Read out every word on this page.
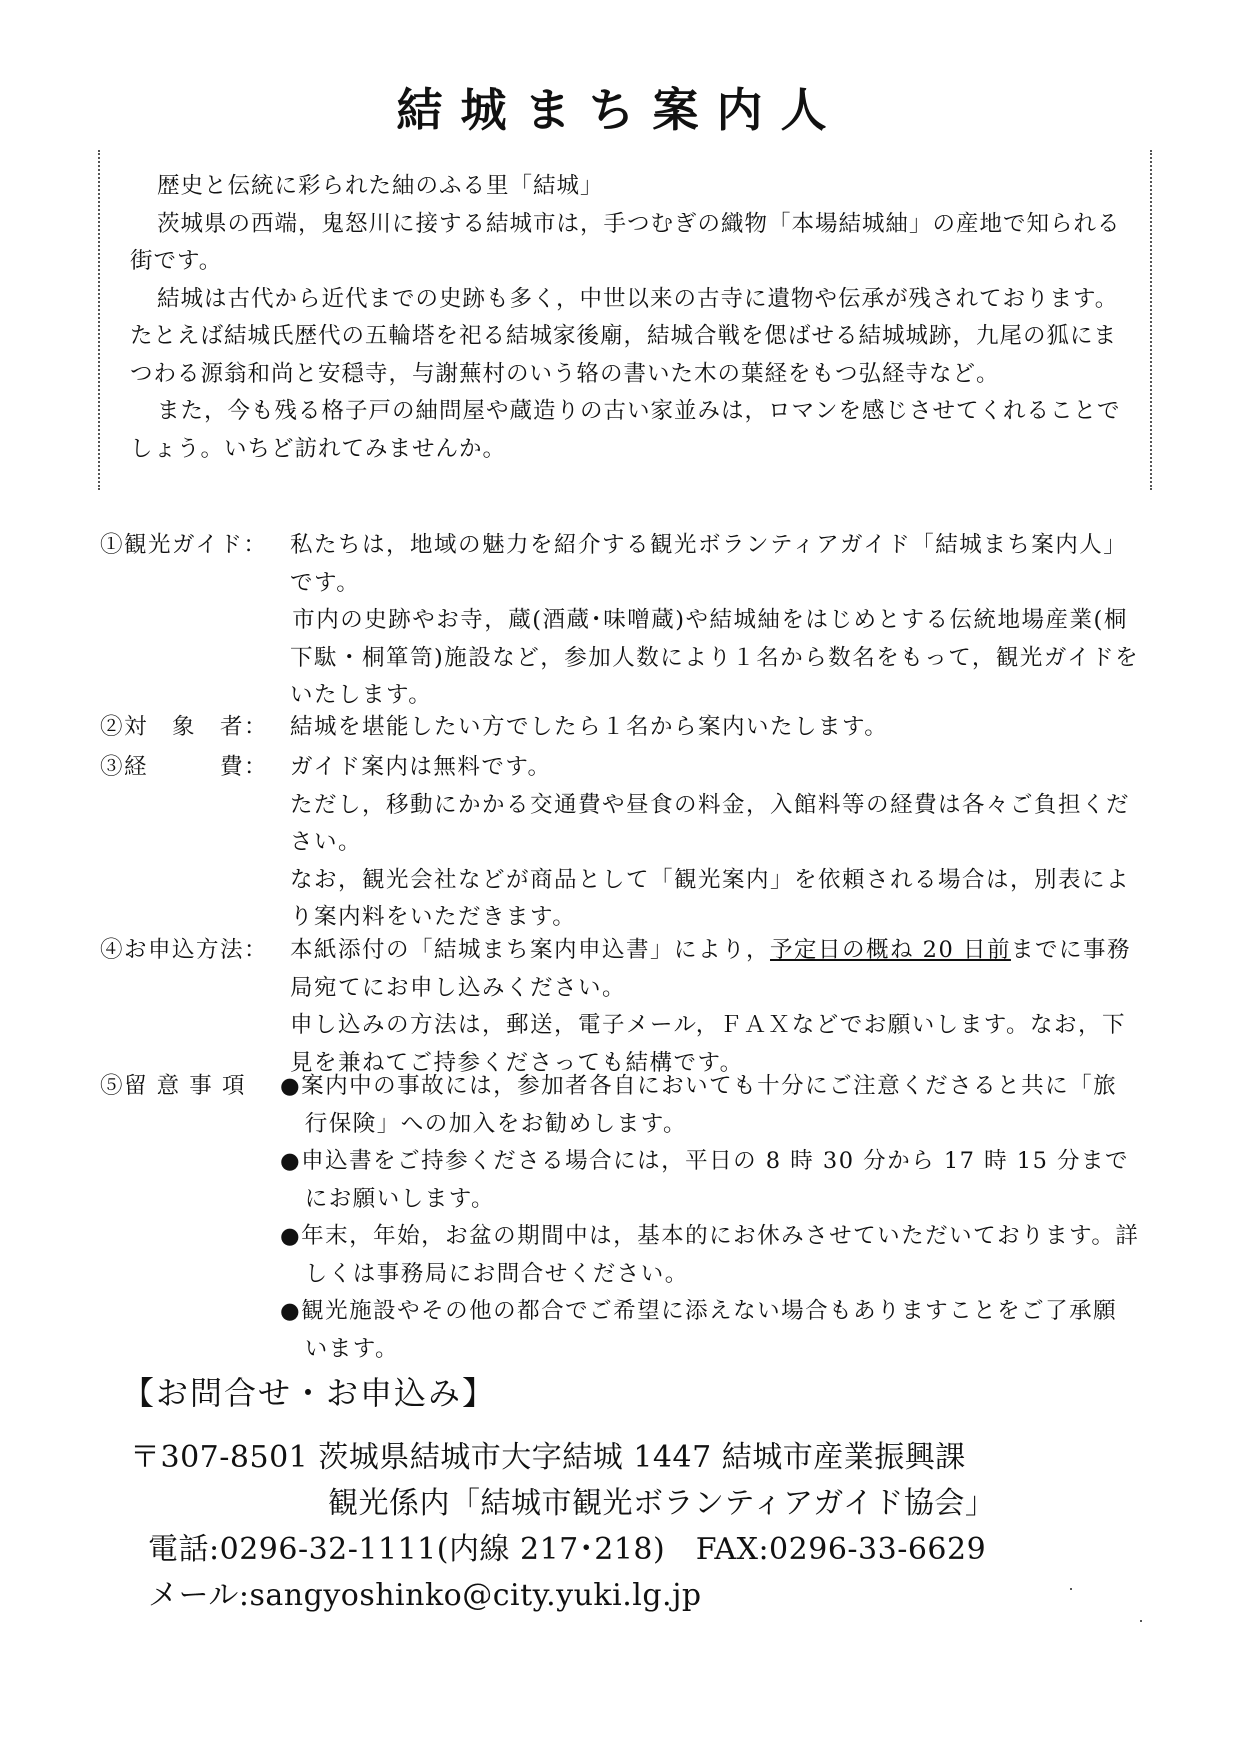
結城まち案内人

歴史と伝統に彩られた紬のふる里「結城」

茨城県の西端，鬼怒川に接する結城市は，手つむぎの織物「本場結城紬」の産地で知られる街です。

結城は古代から近代までの史跡も多く，中世以来の古寺に遺物や伝承が残されております。たとえば結城氏歴代の五輪塔を祀る結城家後廟，結城合戦を偲ばせる結城城跡，九尾の狐にまつわる源翁和尚と安穏寺，与謝蕪村のいう辂の書いた木の葉経をもつ弘経寺など。

また，今も残る格子戸の紬問屋や蔵造りの古い家並みは，ロマンを感じさせてくれることでしょう。いちど訪れてみませんか。

①観光ガイド：	私たちは，地域の魅力を紹介する観光ボランティアガイド「結城まち案内人」です。

市内の史跡やお寺，蔵(酒蔵･味噌蔵)や結城紬をはじめとする伝統地場産業(桐下駄・桐箪笥)施設など，参加人数により１名から数名をもって，観光ガイドをいたします。

②対　象　者： 結城を堪能したい方でしたら１名から案内いたします。

③経　　　費： ガイド案内は無料です。

ただし，移動にかかる交通費や昼食の料金，入館料等の経費は各々ご負担ください。

なお，観光会社などが商品として「観光案内」を依頼される場合は，別表により案内料をいただきます。

④お申込方法： 本紙添付の「結城まち案内申込書」により，予定日の概ね 20 日前までに事務局宛てにお申し込みください。

申し込みの方法は，郵送，電子メール，ＦＡＸなどでお願いします。なお，下見を兼ねてご持参くださっても結構です。

⑤留 意 事 項	●案内中の事故には，参加者各自においても十分にご注意くださると共に「旅行保険」への加入をお勧めします。

●申込書をご持参くださる場合には，平日の 8 時 30 分から 17 時 15 分までにお願いします。

●年末，年始，お盆の期間中は，基本的にお休みさせていただいております。詳しくは事務局にお問合せください。

●観光施設やその他の都合でご希望に添えない場合もありますことをご了承願います。

【お問合せ・お申込み】
〒307-8501 茨城県結城市大字結城 1447 結城市産業振興課
観光係内「結城市観光ボランティアガイド協会」
電話:0296-32-1111(内線 217･218)　FAX:0296-33-6629
メール:sangyoshinko@city.yuki.lg.jp
